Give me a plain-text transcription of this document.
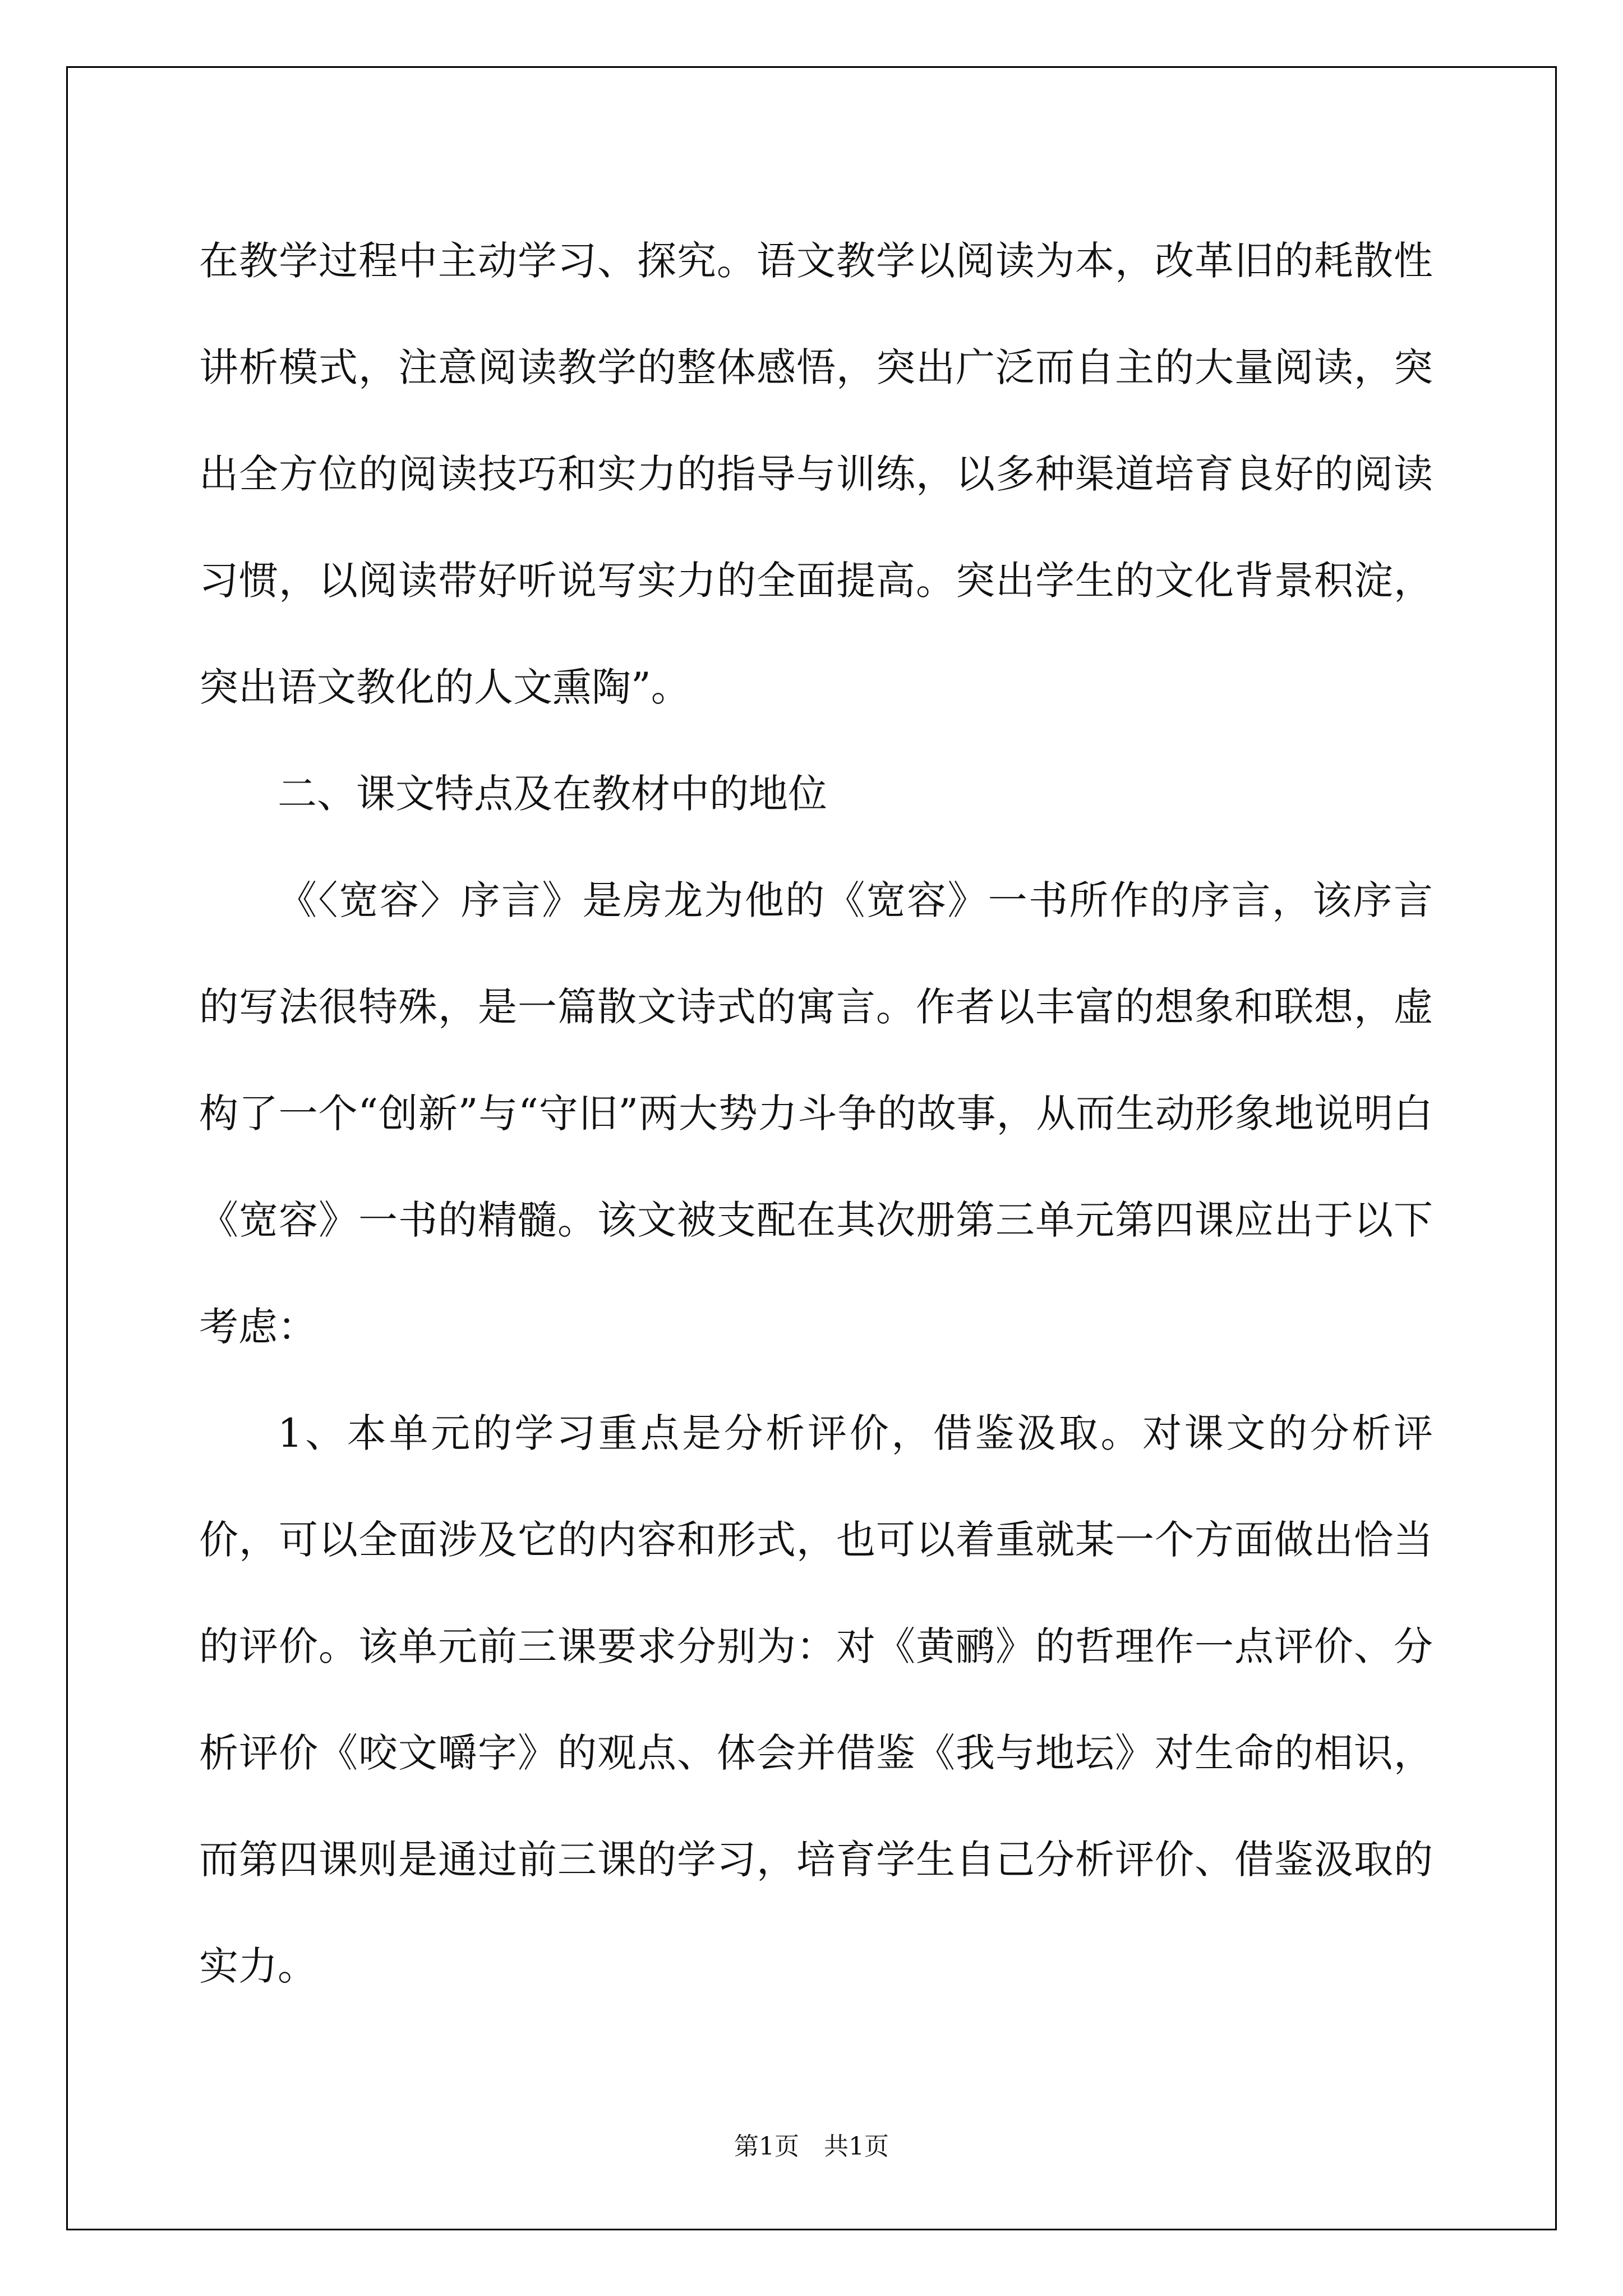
在教学过程中主动学习、探究。语文教学以阅读为本，改革旧的耗散性讲析模式，注意阅读教学的整体感悟，突出广泛而自主的大量阅读，突出全方位的阅读技巧和实力的指导与训练，以多种渠道培育良好的阅读习惯，以阅读带好听说写实力的全面提高。突出学生的文化背景积淀，突出语文教化的人文熏陶”。

二、课文特点及在教材中的地位

《〈宽容〉序言》是房龙为他的《宽容》一书所作的序言，该序言的写法很特殊，是一篇散文诗式的寓言。作者以丰富的想象和联想，虚构了一个“创新”与“守旧”两大势力斗争的故事，从而生动形象地说明白《宽容》一书的精髓。该文被支配在其次册第三单元第四课应出于以下考虑：

1、本单元的学习重点是分析评价，借鉴汲取。对课文的分析评价，可以全面涉及它的内容和形式，也可以着重就某一个方面做出恰当的评价。该单元前三课要求分别为：对《黄鹂》的哲理作一点评价、分析评价《咬文嚼字》的观点、体会并借鉴《我与地坛》对生命的相识，而第四课则是通过前三课的学习，培育学生自己分析评价、借鉴汲取的实力。

第1页　共1页
